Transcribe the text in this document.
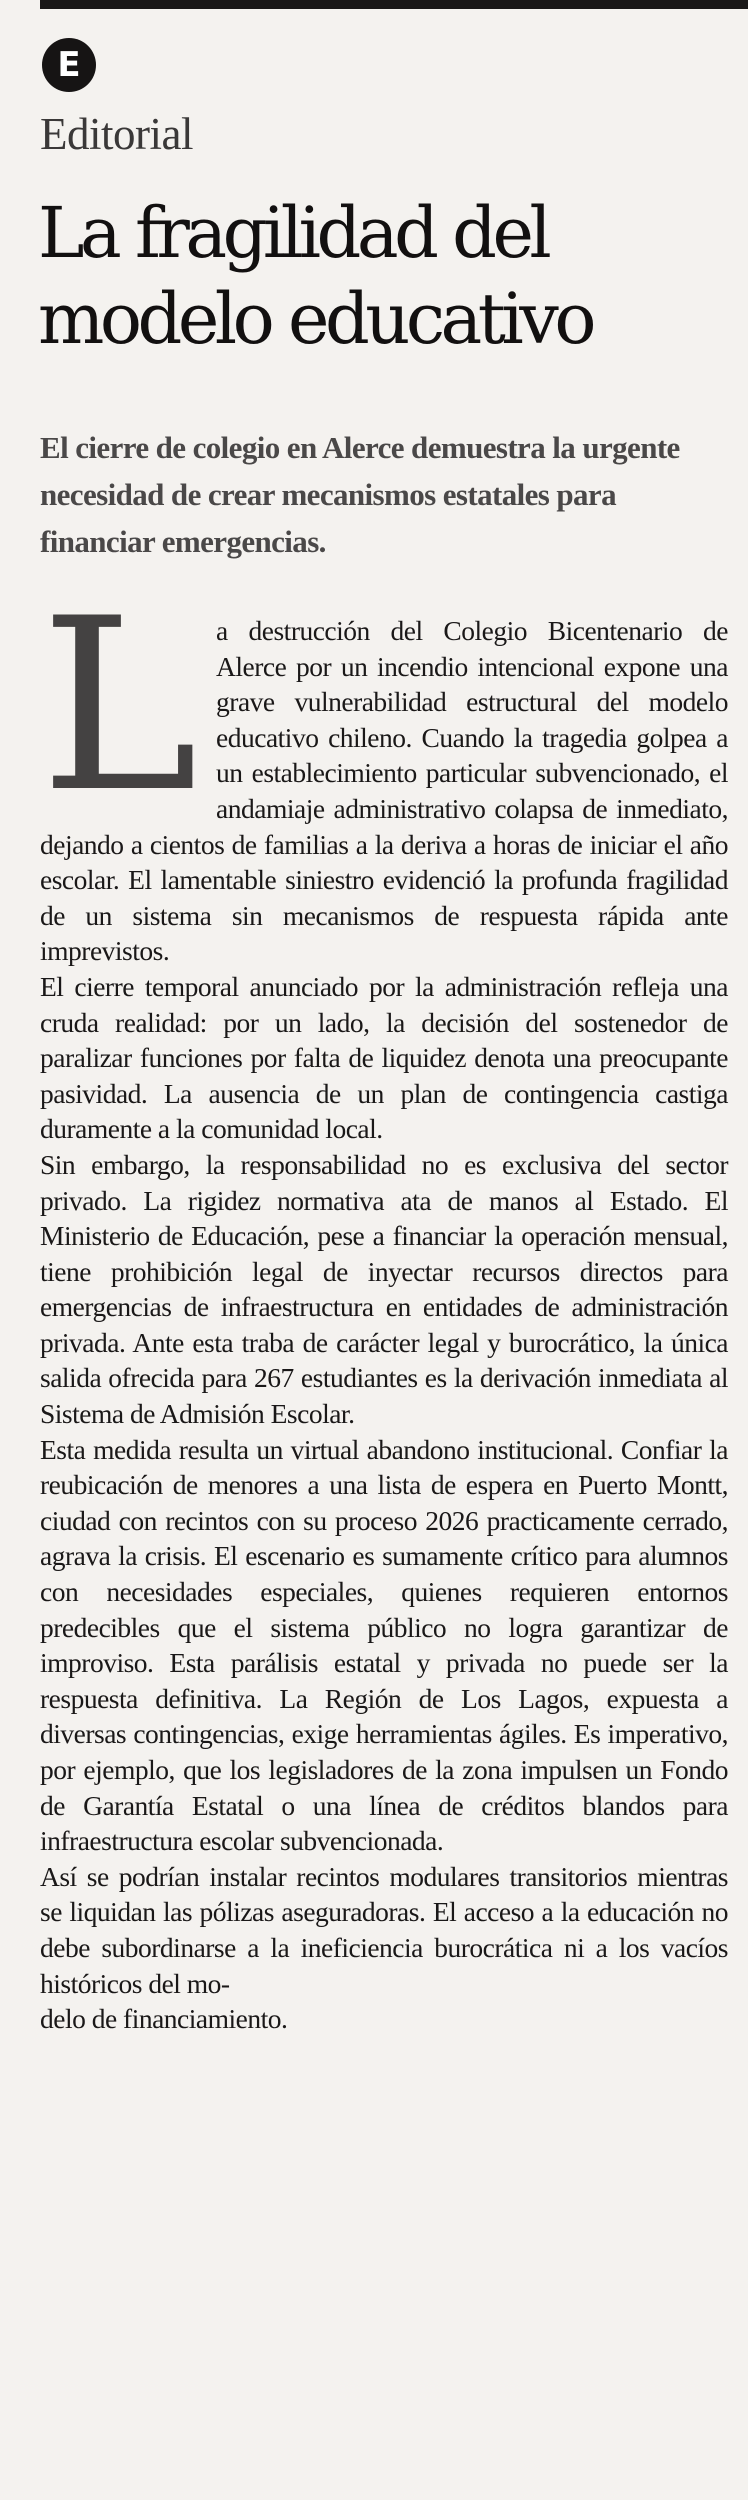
E
Editorial
La fragilidad del modelo educativo

El cierre de colegio en Alerce demuestra la urgente necesidad de crear mecanismos estatales para financiar emergencias.

La destrucción del Colegio Bicentenario de Alerce por un incendio intencional expone una grave vulnerabilidad estructural del modelo educativo chileno. Cuando la tragedia golpea a un establecimiento particular subvencionado, el andamiaje administrativo colapsa de inmediato, dejando a cientos de familias a la deriva a horas de iniciar el año escolar. El lamentable siniestro evidenció la profunda fragilidad de un sistema sin mecanismos de respuesta rápida ante imprevistos.

El cierre temporal anunciado por la administración refleja una cruda realidad: por un lado, la decisión del sostenedor de paralizar funciones por falta de liquidez denota una preocupante pasividad. La ausencia de un plan de contingencia castiga duramente a la comunidad local.

Sin embargo, la responsabilidad no es exclusiva del sector privado. La rigidez normativa ata de manos al Estado. El Ministerio de Educación, pese a financiar la operación mensual, tiene prohibición legal de inyectar recursos directos para emergencias de infraestructura en entidades de administración privada. Ante esta traba de carácter legal y burocrático, la única salida ofrecida para 267 estudiantes es la derivación inmediata al Sistema de Admisión Escolar.

Esta medida resulta un virtual abandono institucional. Confiar la reubicación de menores a una lista de espera en Puerto Montt, ciudad con recintos con su proceso 2026 practicamente cerrado, agrava la crisis. El escenario es sumamente crítico para alumnos con necesidades especiales, quienes requieren entornos predecibles que el sistema público no logra garantizar de improviso. Esta parálisis estatal y privada no puede ser la respuesta definitiva. La Región de Los Lagos, expuesta a diversas contingencias, exige herramientas ágiles. Es imperativo, por ejemplo, que los legisladores de la zona impulsen un Fondo de Garantía Estatal o una línea de créditos blandos para infraestructura escolar subvencionada.

Así se podrían instalar recintos modulares transitorios mientras se liquidan las pólizas aseguradoras. El acceso a la educación no debe subordinarse a la ineficiencia burocrática ni a los vacíos históricos del mo-

delo de financiamiento.
